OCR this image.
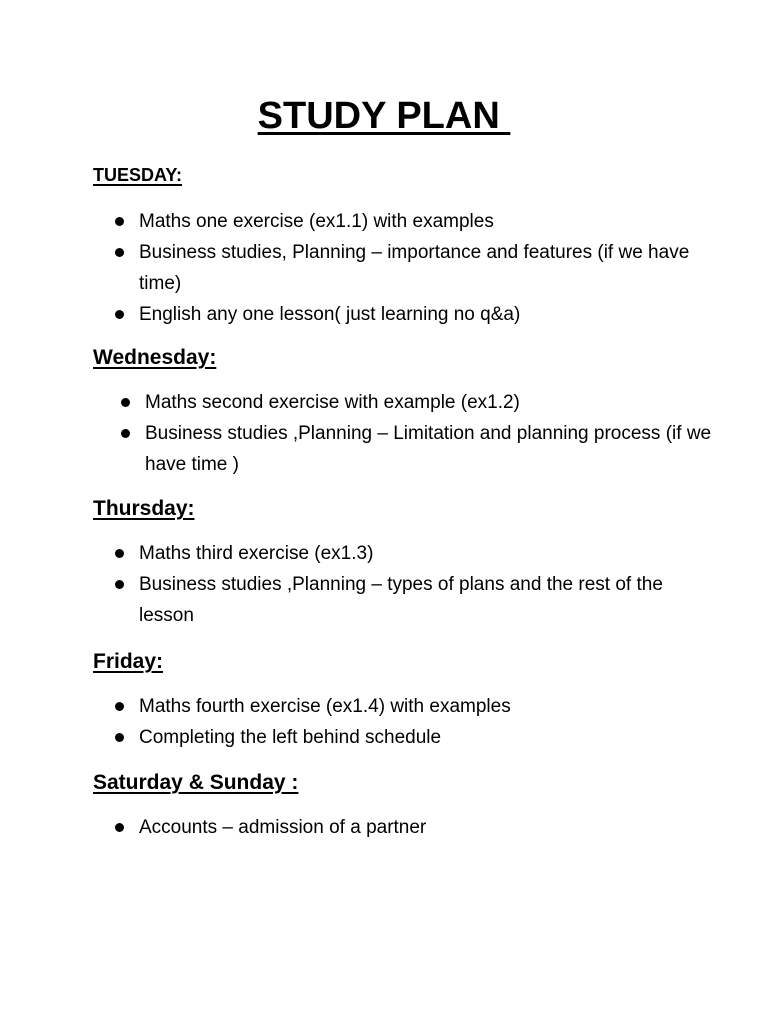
STUDY PLAN
TUESDAY:
Maths one exercise (ex1.1) with examples
Business studies, Planning – importance and features (if we have time)
English any one lesson( just learning no q&a)
Wednesday:
Maths second exercise with example (ex1.2)
Business studies ,Planning – Limitation and planning process (if we have time )
Thursday:
Maths third exercise (ex1.3)
Business studies ,Planning – types of plans and the rest of the lesson
Friday:
Maths fourth exercise (ex1.4) with examples
Completing the left behind schedule
Saturday & Sunday :
Accounts – admission of a partner
